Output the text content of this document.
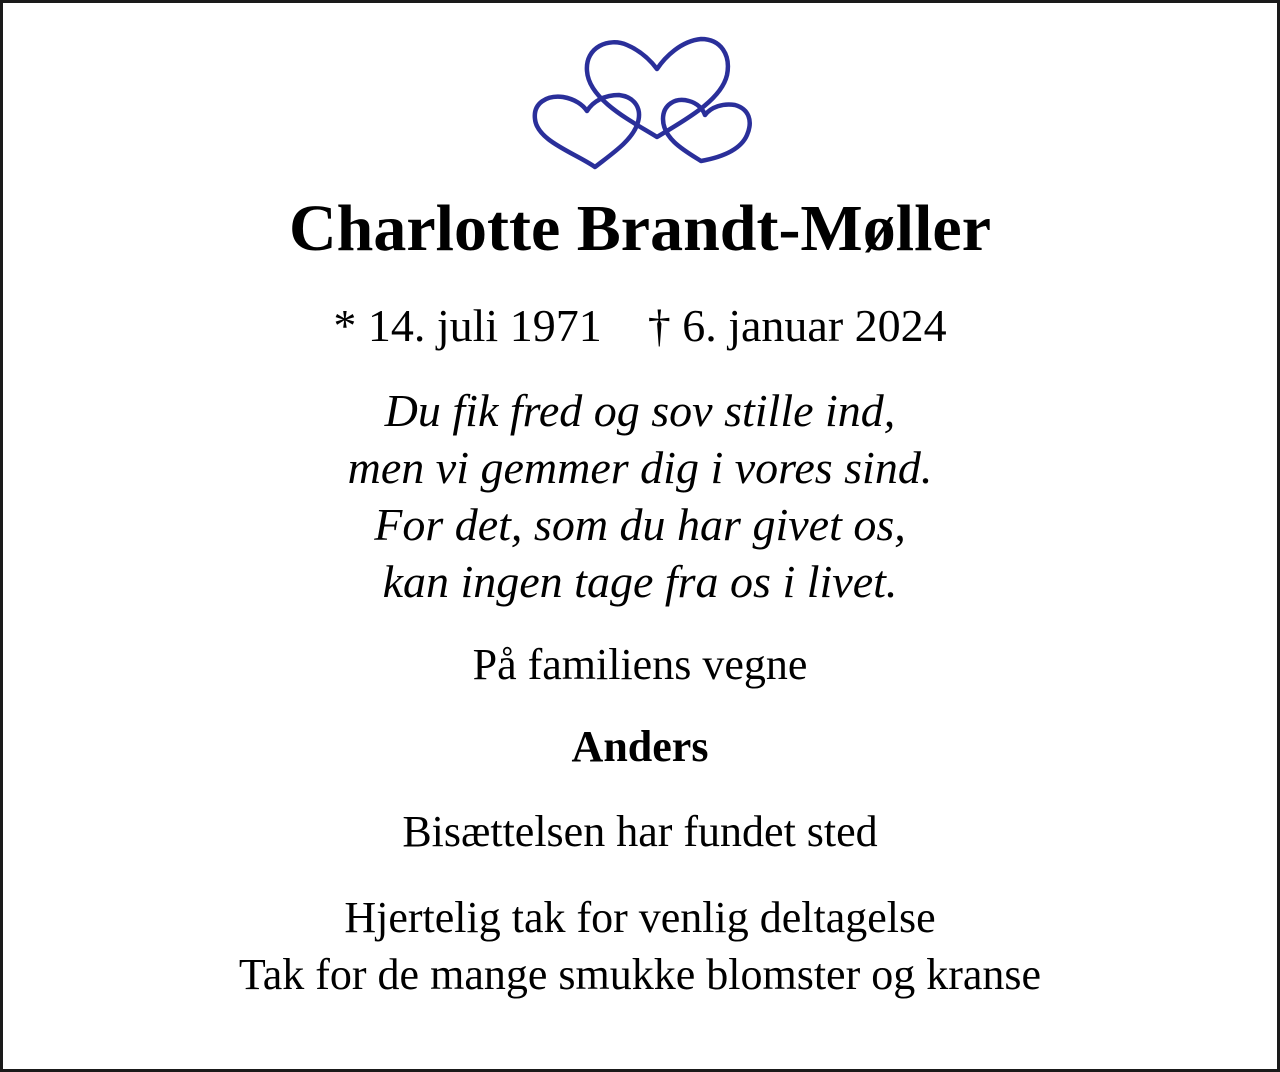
Charlotte Brandt-Møller

* 14. juli 1971 † 6. januar 2024

Du fik fred og sov stille ind,

men vi gemmer dig i vores sind.

For det, som du har givet os,

kan ingen tage fra os i livet.

På familiens vegne

Anders

Bisættelsen har fundet sted

Hjertelig tak for venlig deltagelse

Tak for de mange smukke blomster og kranse
